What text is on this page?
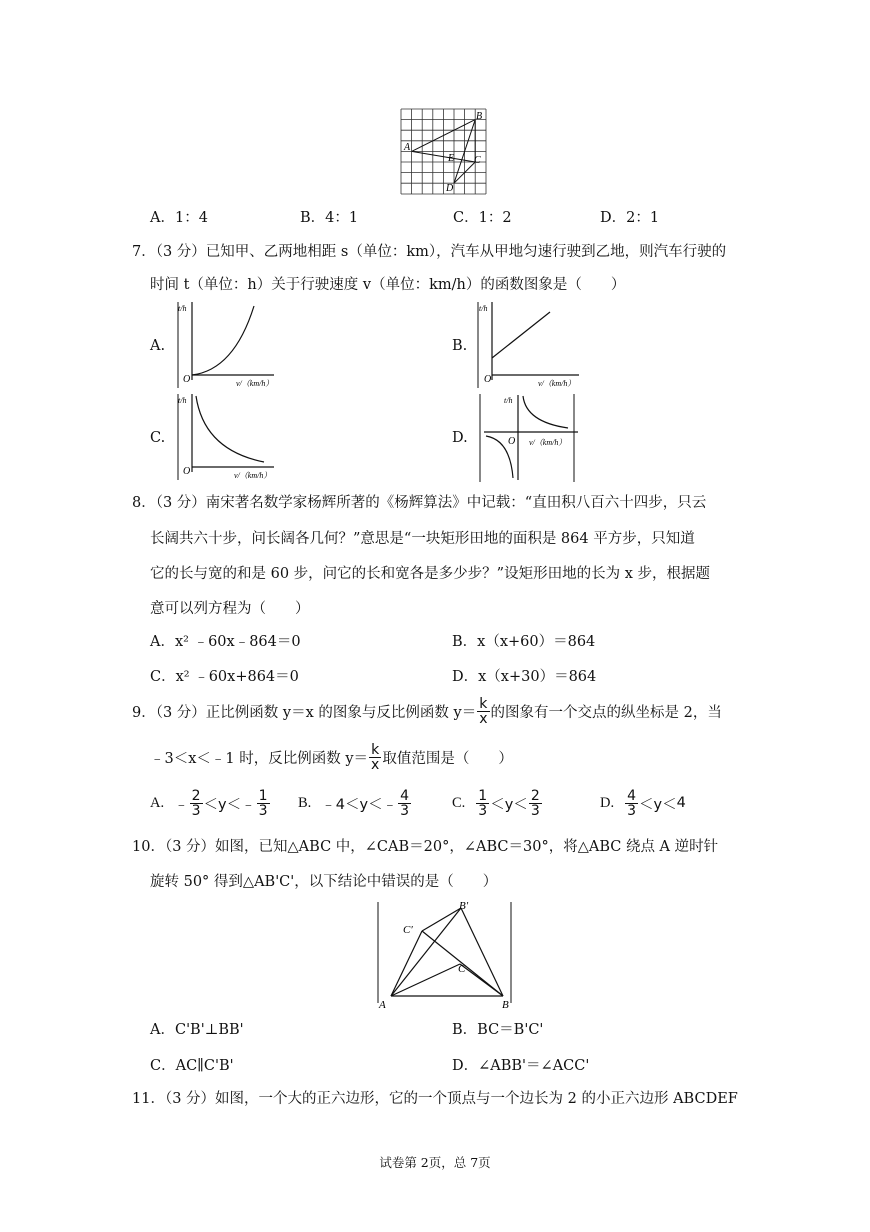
B
A
E C
D
A．1：4	B．4：1	C．1：2	D．2：1
7．（3 分）已知甲、乙两地相距 s（单位：km），汽车从甲地匀速行驶到乙地，则汽车行驶的
时间 t（单位：h）关于行驶速度 v（单位：km/h）的函数图象是（　　）
A.
t/h
O	v/（km/h）
B.
t/h
O	v/（km/h）
C.
t/h
O	v/（km/h）
D.
t/h
O v/（km/h）
8．（3 分）南宋著名数学家杨辉所著的《杨辉算法》中记载：“直田积八百六十四步，只云
长阔共六十步，问长阔各几何？”意思是“一块矩形田地的面积是 864 平方步，只知道
它的长与宽的和是 60 步，问它的长和宽各是多少步？”设矩形田地的长为 x 步，根据题
意可以列方程为（　　）
A．x² ﹣60x﹣864＝0	B．x（x+60）＝864
C．x² ﹣60x+864＝0	D．x（x+30）＝864
9．（3 分）正比例函数 y＝x 的图象与反比例函数 $y= \frac{k}{x}$ 的图象有一个交点的纵坐标是 2，当
﹣3＜x＜﹣1 时，反比例函数 $y= \frac{k}{x}$ 取值范围是（　　）
A. ﹣ $\frac{2}{3} <y<$ ﹣ $\frac{1}{3} B$. ﹣4 ＜y＜ ﹣ $\frac{4}{3}$	C. $\frac{1}{3} <y< \frac{2}{3}$	D. $\frac{4}{3} <y< 4$
10．（3 分）如图，已知△ABC 中，∠CAB＝20°，∠ABC＝30°，将△ABC 绕点 A 逆时针
旋转 50° 得到△AB'C'，以下结论中错误的是（　　）
A	B
C
B′
C′
A．C'B'⊥BB'	B．BC＝B'C'
C．AC∥C'B'	D．∠ABB'＝∠ACC'
11．（3 分）如图，一个大的正六边形，它的一个顶点与一个边长为 2 的小正六边形 ABCDEF
试卷第 2页，总 7页
